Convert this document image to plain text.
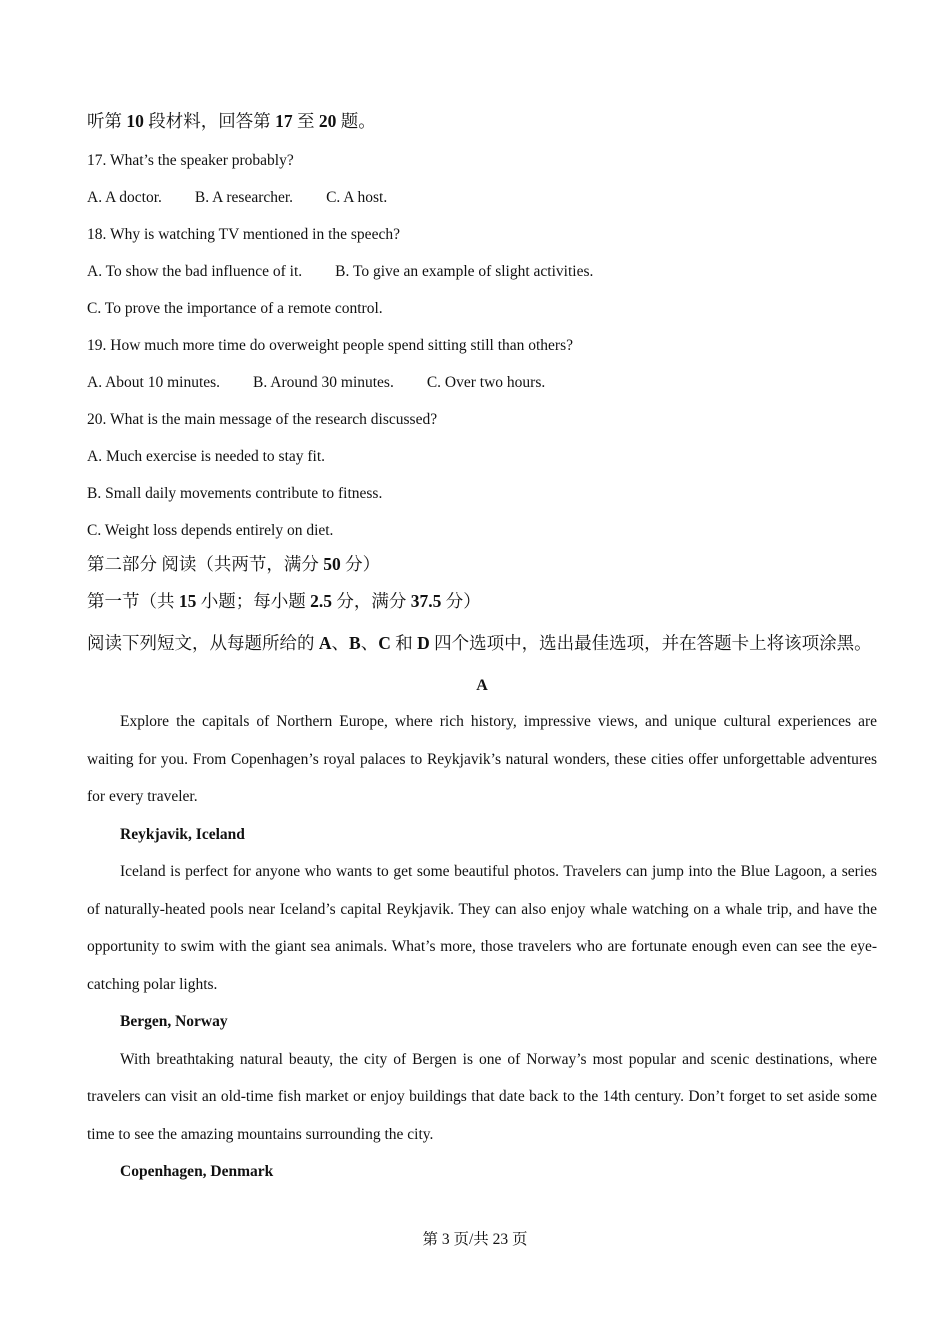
听第 10 段材料，回答第 17 至 20 题。

17. What’s the speaker probably?

A. A doctor. B. A researcher. C. A host.

18. Why is watching TV mentioned in the speech?

A. To show the bad influence of it. B. To give an example of slight activities.

C. To prove the importance of a remote control.

19. How much more time do overweight people spend sitting still than others?

A. About 10 minutes. B. Around 30 minutes. C. Over two hours.

20. What is the main message of the research discussed?

A. Much exercise is needed to stay fit.

B. Small daily movements contribute to fitness.

C. Weight loss depends entirely on diet.

第二部分 阅读（共两节，满分 50 分）

第一节（共 15 小题；每小题 2.5 分，满分 37.5 分）

阅读下列短文，从每题所给的 A、B、C 和 D 四个选项中，选出最佳选项，并在答题卡上将该项涂黑。

A

Explore the capitals of Northern Europe, where rich history, impressive views, and unique cultural experiences are waiting for you. From Copenhagen’s royal palaces to Reykjavik’s natural wonders, these cities offer unforgettable adventures for every traveler.

Reykjavik, Iceland

Iceland is perfect for anyone who wants to get some beautiful photos. Travelers can jump into the Blue Lagoon, a series of naturally-heated pools near Iceland’s capital Reykjavik. They can also enjoy whale watching on a whale trip, and have the opportunity to swim with the giant sea animals. What’s more, those travelers who are fortunate enough even can see the eye-catching polar lights.

Bergen, Norway

With breathtaking natural beauty, the city of Bergen is one of Norway’s most popular and scenic destinations, where travelers can visit an old-time fish market or enjoy buildings that date back to the 14th century. Don’t forget to set aside some time to see the amazing mountains surrounding the city.

Copenhagen, Denmark

第 3 页/共 23 页
